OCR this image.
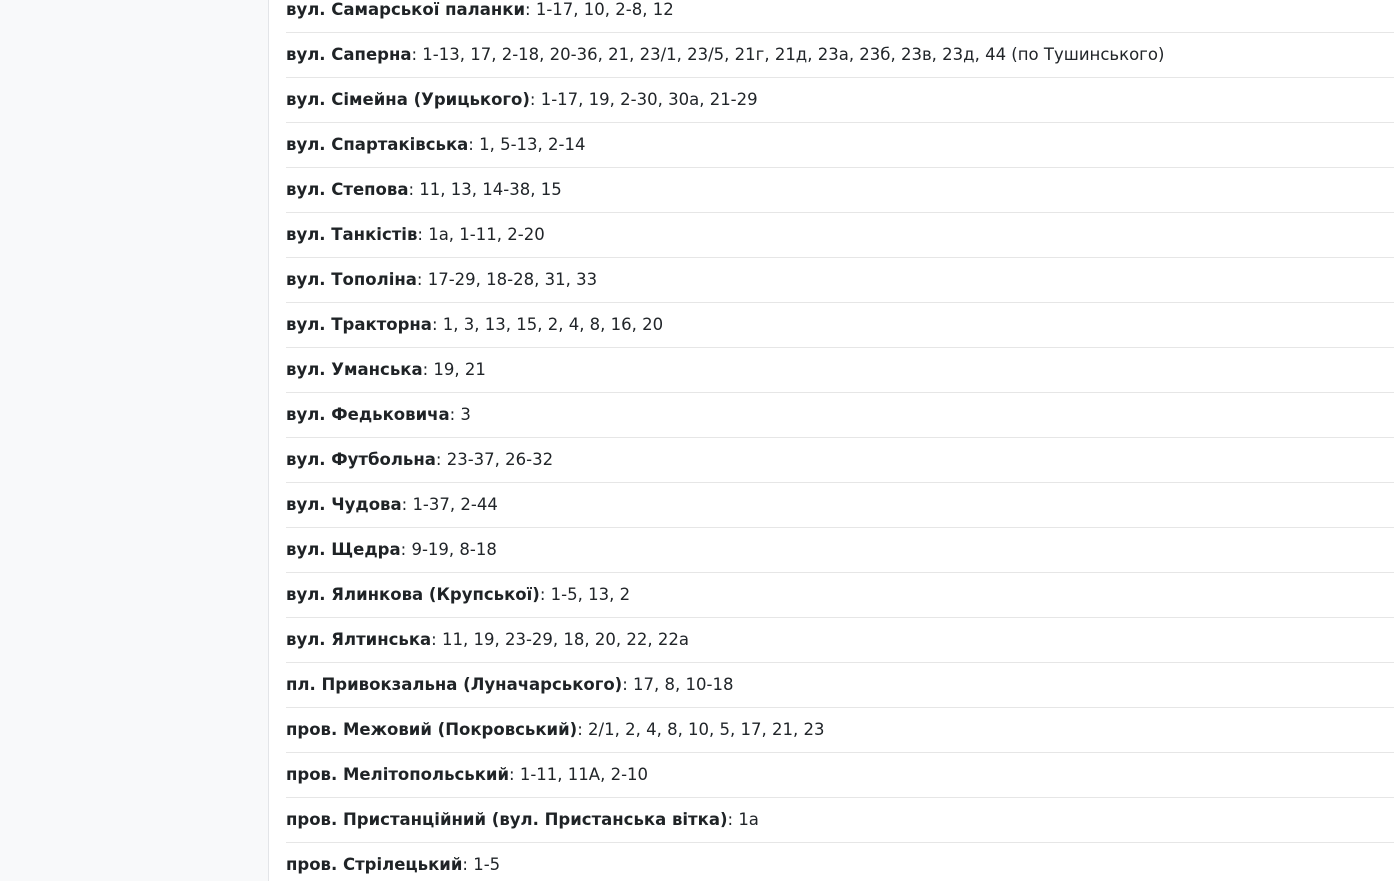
вул. Самарської паланки: 1-17, 10, 2-8, 12
вул. Саперна: 1-13, 17, 2-18, 20-36, 21, 23/1, 23/5, 21г, 21д, 23а, 23б, 23в, 23д, 44 (по Тушинського)
вул. Сімейна (Урицького): 1-17, 19, 2-30, 30а, 21-29
вул. Спартаківська: 1, 5-13, 2-14
вул. Степова: 11, 13, 14-38, 15
вул. Танкістів: 1а, 1-11, 2-20
вул. Тополіна: 17-29, 18-28, 31, 33
вул. Тракторна: 1, 3, 13, 15, 2, 4, 8, 16, 20
вул. Уманська: 19, 21
вул. Федьковича: 3
вул. Футбольна: 23-37, 26-32
вул. Чудова: 1-37, 2-44
вул. Щедра: 9-19, 8-18
вул. Ялинкова (Крупської): 1-5, 13, 2
вул. Ялтинська: 11, 19, 23-29, 18, 20, 22, 22а
пл. Привокзальна (Луначарського): 17, 8, 10-18
пров. Межовий (Покровський): 2/1, 2, 4, 8, 10, 5, 17, 21, 23
пров. Мелітопольський: 1-11, 11А, 2-10
пров. Пристанційний (вул. Пристанська вітка): 1а
пров. Стрілецький: 1-5
